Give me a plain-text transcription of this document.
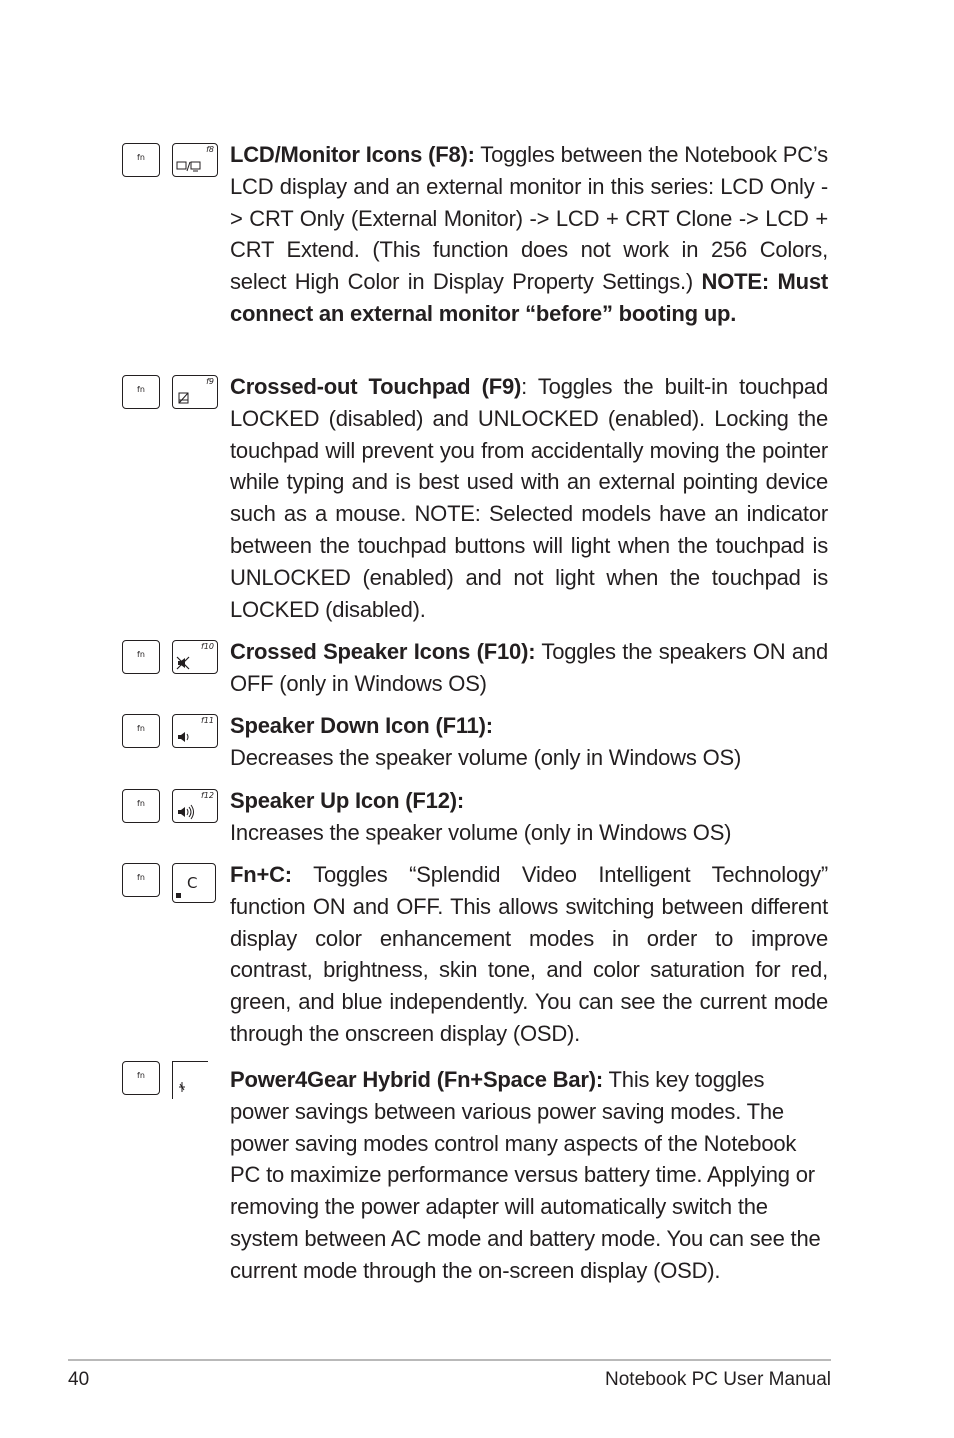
fn
f8 LCD/Monitor Icons (F8): Toggles between the Notebook PC’s LCD display and an external monitor in this series: LCD Only -> CRT Only (External Monitor) -> LCD + CRT Clone -> LCD + CRT Extend. (This function does not work in 256 Colors, select High Color in Display Property Settings.) NOTE: Must connect an external monitor “before” booting up.

fn
f9 Crossed-out Touchpad (F9): Toggles the built-in touchpad LOCKED (disabled) and UNLOCKED (enabled). Locking the touchpad will prevent you from accidentally moving the pointer while typing and is best used with an external pointing device such as a mouse. NOTE: Selected models have an indicator between the touchpad buttons will light when the touchpad is UNLOCKED (enabled) and not light when the touchpad is LOCKED (disabled).

fn
f10 Crossed Speaker Icons (F10): Toggles the speakers ON and OFF (only in Windows OS)

fn
f11 Speaker Down Icon (F11):
Decreases the speaker volume (only in Windows OS)

fn
f12 Speaker Up Icon (F12):
Increases the speaker volume (only in Windows OS)

fn	C Fn+C: Toggles “Splendid Video Intelligent Technology” function ON and OFF. This allows switching between different display color enhancement modes in order to improve contrast, brightness, skin tone, and color saturation for red, green, and blue independently. You can see the current mode through the onscreen display (OSD).

fn	Power4Gear Hybrid (Fn+Space Bar): This key toggles power savings between various power saving modes. The power saving modes control many aspects of the Notebook PC to maximize performance versus battery time. Applying or removing the power adapter will automatically switch the system between AC mode and battery mode. You can see the current mode through the on-screen display (OSD).

40	Notebook PC User Manual
